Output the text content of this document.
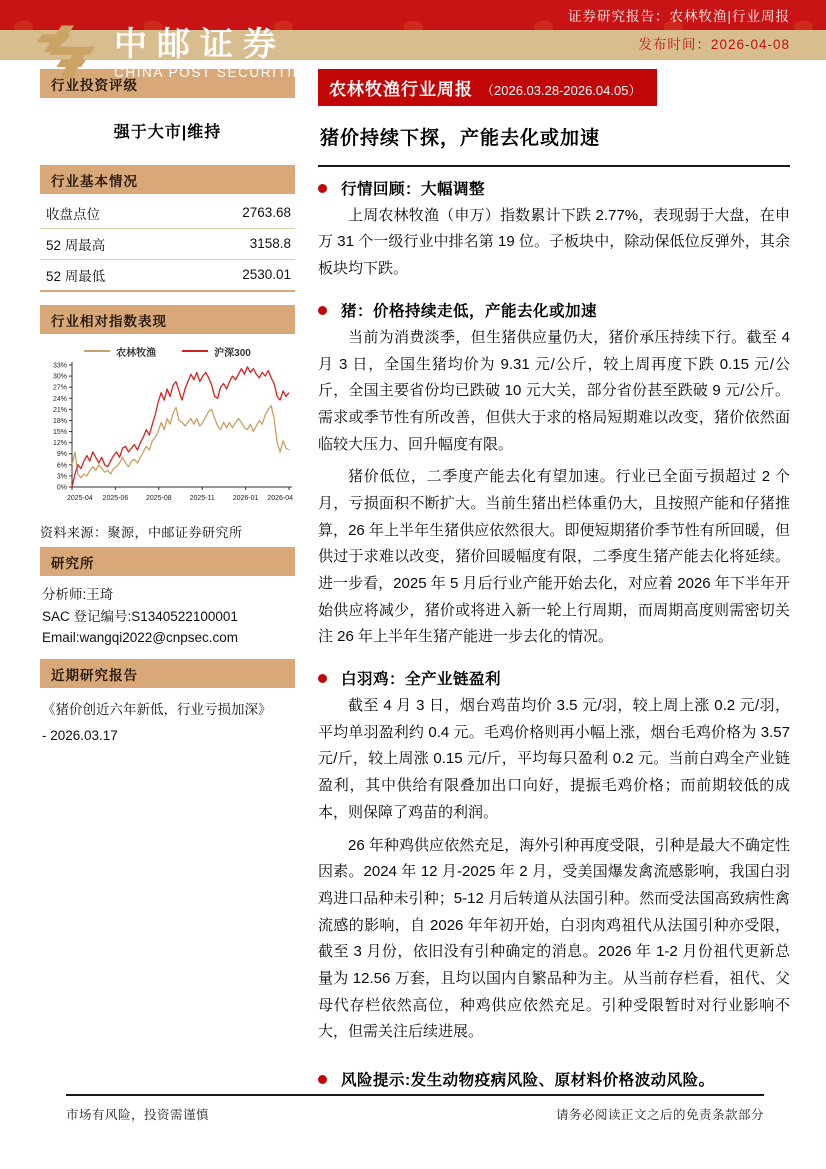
中邮证券
CHINA POST SECURITIES
证券研究报告：农林牧渔|行业周报
发布时间：2026-04-08
行业投资评级
强于大市|维持
行业基本情况
收盘点位	2763.68
52 周最高	3158.8
52 周最低	2530.01
行业相对指数表现
农林牧渔	沪深300
0%
3%
6%
9%
12%
15%
18%
21%
24%
27%
30%
33%
2025-04 2025-06	2025-08	2025-11	2026-01 2026-04
资料来源：聚源，中邮证券研究所
研究所
分析师:王琦
SAC 登记编号:S1340522100001
Email:wangqi2022@cnpsec.com
近期研究报告
《猪价创近六年新低，行业亏损加深》
- 2026.03.17
农林牧渔行业周报 （2026.03.28-2026.04.05）
猪价持续下探，产能去化或加速
行情回顾：大幅调整

上周农林牧渔（申万）指数累计下跌 2.77%，表现弱于大盘，在申万 31 个一级行业中排名第 19 位。子板块中，除动保低位反弹外，其余板块均下跌。

猪：价格持续走低，产能去化或加速

当前为消费淡季，但生猪供应量仍大，猪价承压持续下行。截至 4 月 3 日，全国生猪均价为 9.31 元/公斤，较上周再度下跌 0.15 元/公斤，全国主要省份均已跌破 10 元大关，部分省份甚至跌破 9 元/公斤。需求或季节性有所改善，但供大于求的格局短期难以改变，猪价依然面临较大压力、回升幅度有限。

猪价低位，二季度产能去化有望加速。行业已全面亏损超过 2 个月，亏损面积不断扩大。当前生猪出栏体重仍大，且按照产能和仔猪推算，26 年上半年生猪供应依然很大。即便短期猪价季节性有所回暖，但供过于求难以改变，猪价回暖幅度有限，二季度生猪产能去化将延续。进一步看，2025 年 5 月后行业产能开始去化，对应着 2026 年下半年开始供应将减少，猪价或将进入新一轮上行周期，而周期高度则需密切关注 26 年上半年生猪产能进一步去化的情况。

白羽鸡：全产业链盈利

截至 4 月 3 日，烟台鸡苗均价 3.5 元/羽，较上周上涨 0.2 元/羽，平均单羽盈利约 0.4 元。毛鸡价格则再小幅上涨，烟台毛鸡价格为 3.57 元/斤，较上周涨 0.15 元/斤，平均每只盈利 0.2 元。当前白鸡全产业链盈利，其中供给有限叠加出口向好，提振毛鸡价格；而前期较低的成本，则保障了鸡苗的利润。

26 年种鸡供应依然充足，海外引种再度受限，引种是最大不确定性因素。2024 年 12 月-2025 年 2 月，受美国爆发禽流感影响，我国白羽鸡进口品种未引种；5-12 月后转道从法国引种。然而受法国高致病性禽流感的影响，自 2026 年年初开始，白羽肉鸡祖代从法国引种亦受限，截至 3 月份，依旧没有引种确定的消息。2026 年 1-2 月份祖代更新总量为 12.56 万套，且均以国内自繁品种为主。从当前存栏看，祖代、父母代存栏依然高位，种鸡供应依然充足。引种受限暂时对行业影响不大，但需关注后续进展。

风险提示:发生动物疫病风险、原材料价格波动风险。
市场有风险，投资需谨慎	请务必阅读正文之后的免责条款部分
